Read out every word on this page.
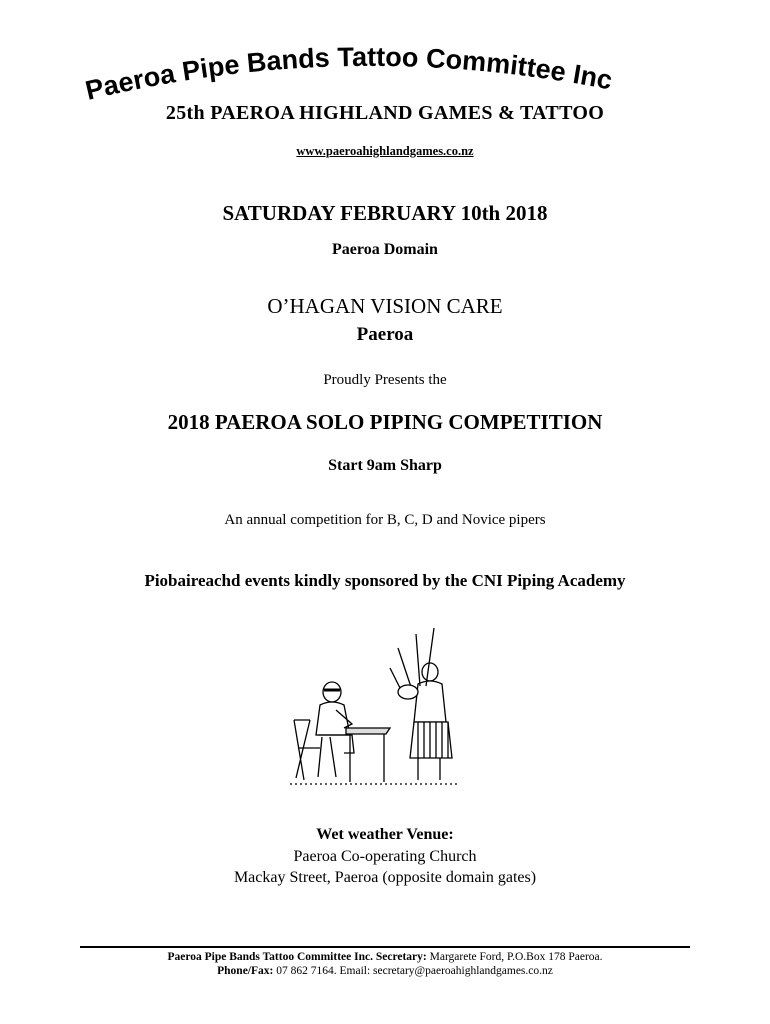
Paeroa Pipe Bands Tattoo Committee Inc
25th PAEROA HIGHLAND GAMES & TATTOO
www.paeroahighlandgames.co.nz
SATURDAY FEBRUARY 10th 2018
Paeroa Domain
O’HAGAN VISION CARE
Paeroa
Proudly Presents the
2018 PAEROA SOLO PIPING COMPETITION
Start 9am Sharp
An annual competition for B, C, D and Novice pipers
Piobaireachd events kindly sponsored by the CNI Piping Academy
Wet weather Venue:
Paeroa Co-operating Church
Mackay Street, Paeroa (opposite domain gates)
Paeroa Pipe Bands Tattoo Committee Inc. Secretary: Margarete Ford, P.O.Box 178 Paeroa.
Phone/Fax: 07 862 7164. Email: secretary@paeroahighlandgames.co.nz
